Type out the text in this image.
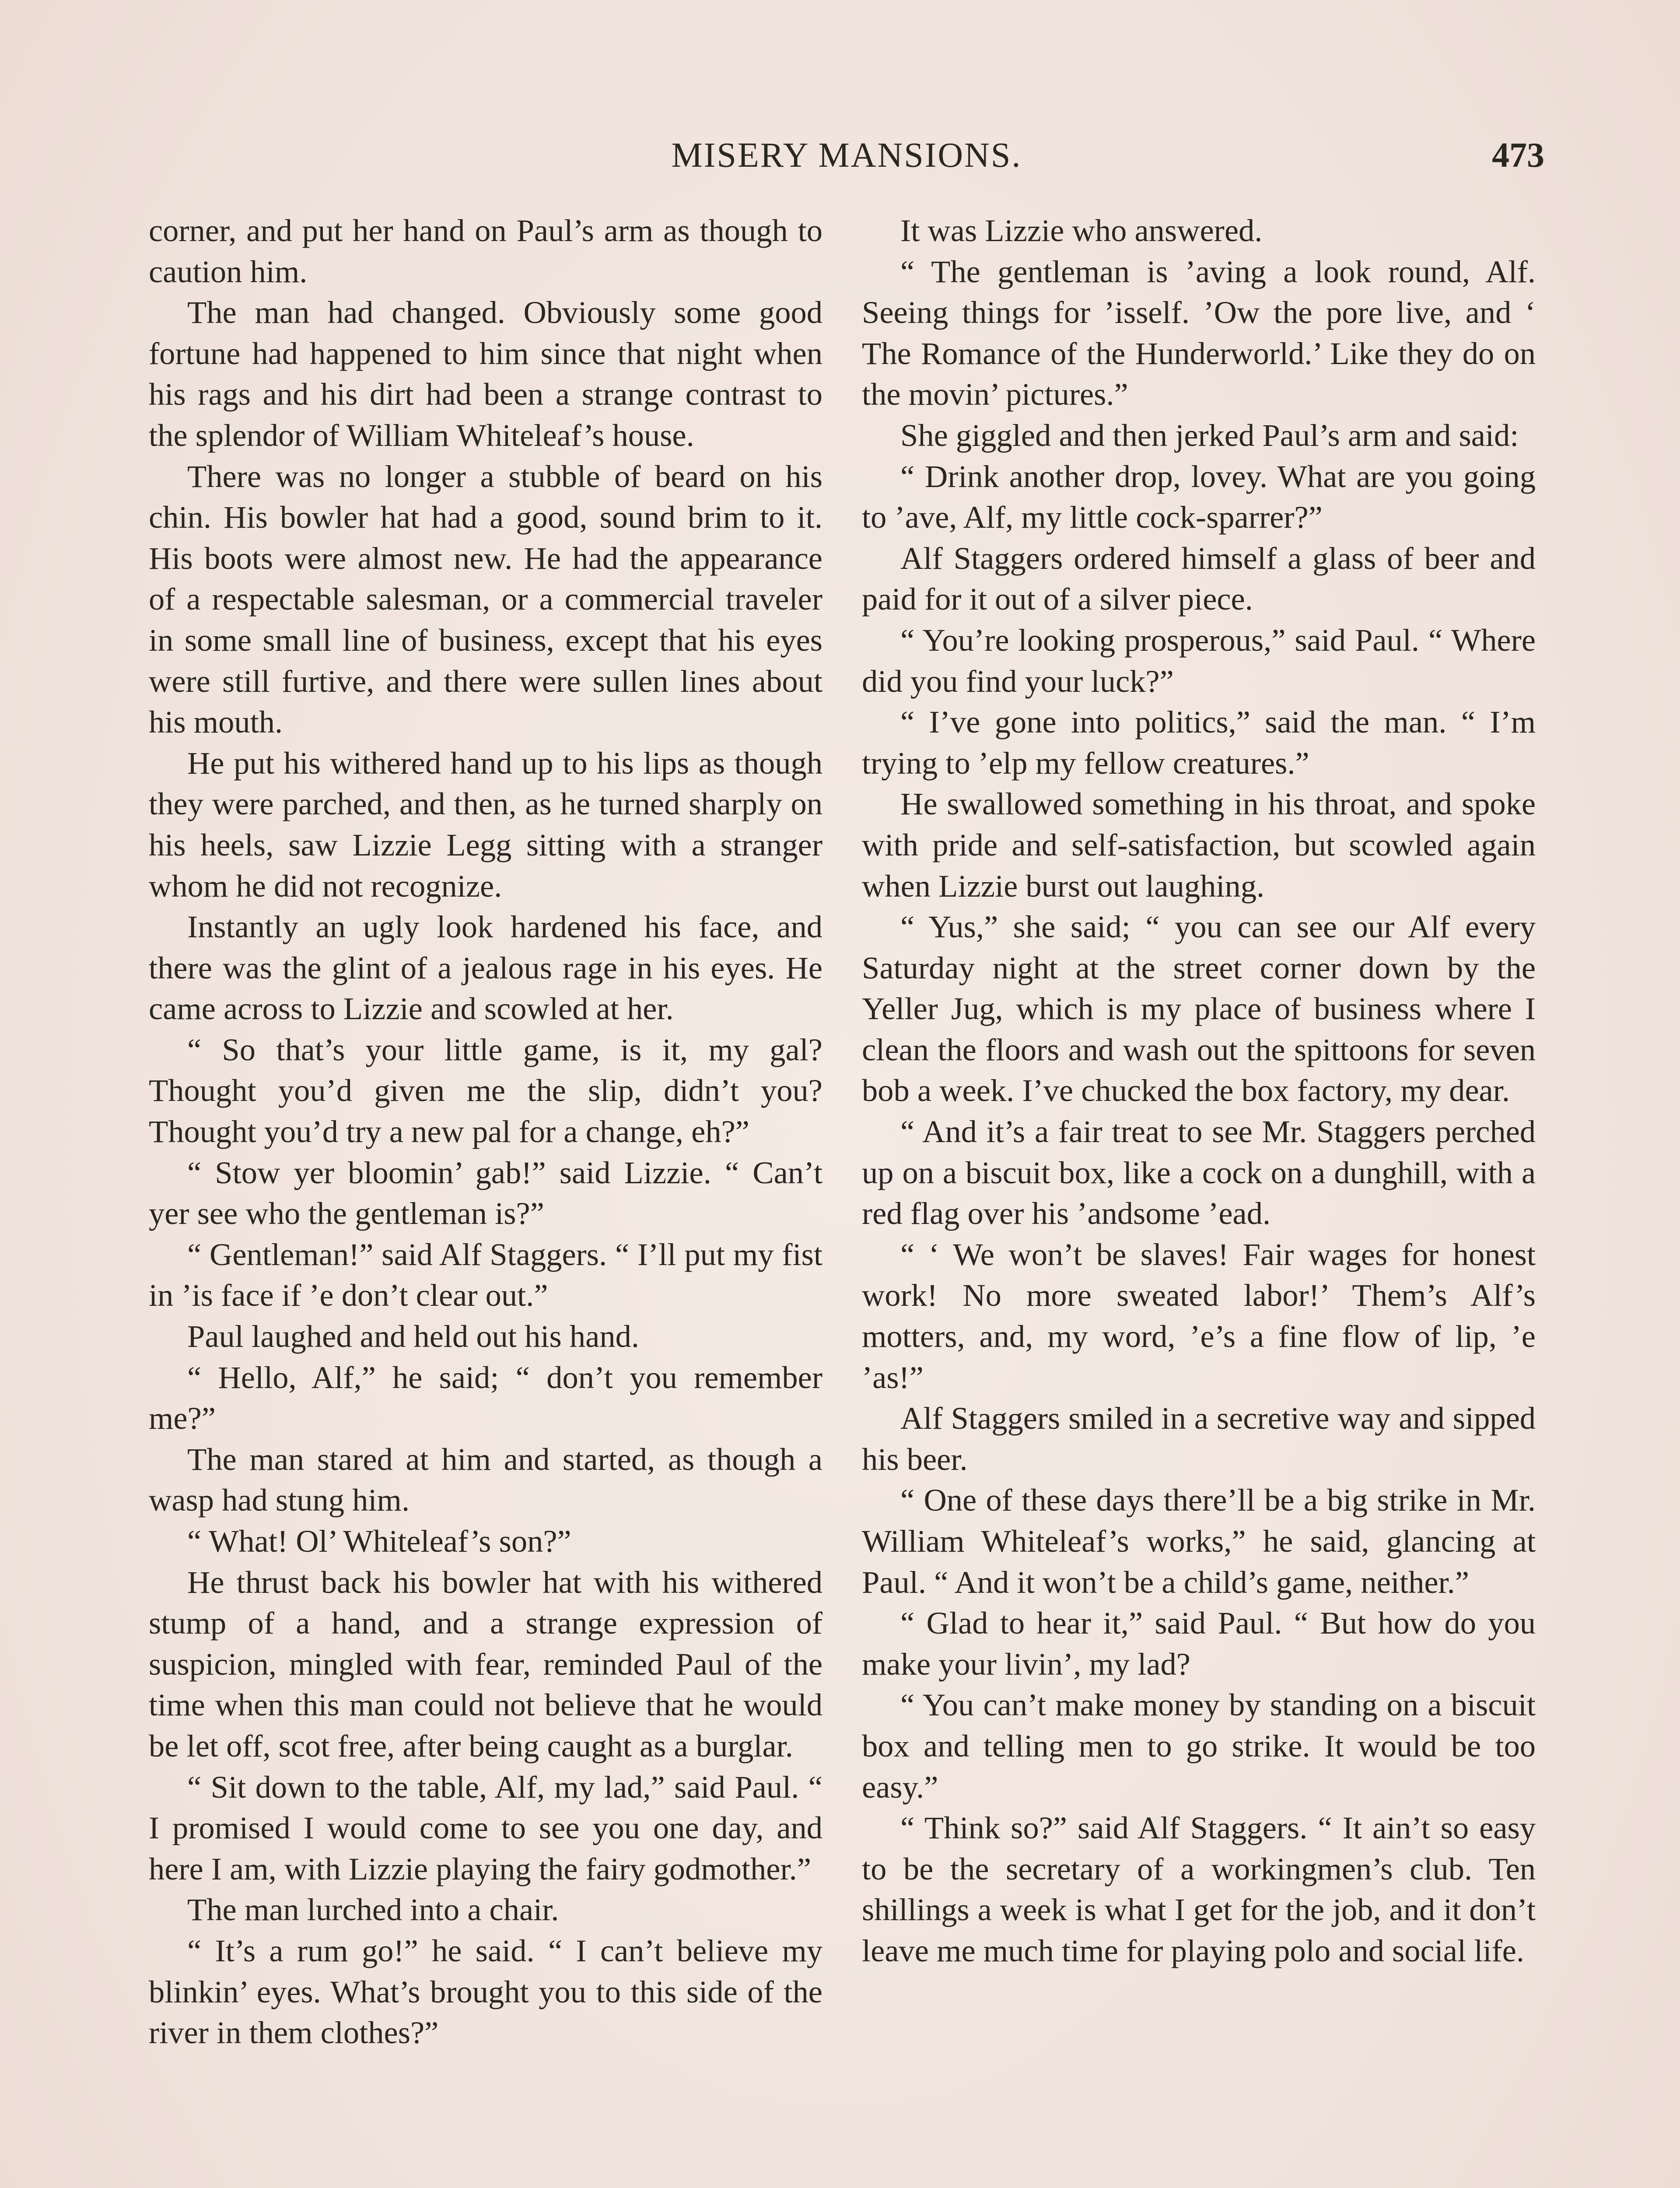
MISERY MANSIONS.	473

corner, and put her hand on Paul’s arm as though to caution him.

The man had changed. Obviously some good fortune had happened to him since that night when his rags and his dirt had been a strange contrast to the splendor of William Whiteleaf’s house.

There was no longer a stubble of beard on his chin. His bowler hat had a good, sound brim to it. His boots were almost new. He had the appearance of a respectable salesman, or a commercial traveler in some small line of business, except that his eyes were still furtive, and there were sullen lines about his mouth.

He put his withered hand up to his lips as though they were parched, and then, as he turned sharply on his heels, saw Lizzie Legg sitting with a stranger whom he did not recognize.

Instantly an ugly look hardened his face, and there was the glint of a jealous rage in his eyes. He came across to Lizzie and scowled at her.

“ So that’s your little game, is it, my gal? Thought you’d given me the slip, didn’t you? Thought you’d try a new pal for a change, eh?”

“ Stow yer bloomin’ gab!” said Lizzie. “ Can’t yer see who the gentleman is?”

“ Gentleman!” said Alf Staggers. “ I’ll put my fist in ’is face if ’e don’t clear out.”

Paul laughed and held out his hand.

“ Hello, Alf,” he said; “ don’t you remember me?”

The man stared at him and started, as though a wasp had stung him.

“ What! Ol’ Whiteleaf’s son?”

He thrust back his bowler hat with his withered stump of a hand, and a strange expression of suspicion, mingled with fear, reminded Paul of the time when this man could not believe that he would be let off, scot free, after being caught as a burglar.

“ Sit down to the table, Alf, my lad,” said Paul. “ I promised I would come to see you one day, and here I am, with Lizzie playing the fairy godmother.”

The man lurched into a chair.

“ It’s a rum go!” he said. “ I can’t believe my blinkin’ eyes. What’s brought you to this side of the river in them clothes?”

It was Lizzie who answered.

“ The gentleman is ’aving a look round, Alf. Seeing things for ’isself. ’Ow the pore live, and ‘ The Romance of the Hunderworld.’ Like they do on the movin’ pictures.”

She giggled and then jerked Paul’s arm and said:

“ Drink another drop, lovey. What are you going to ’ave, Alf, my little cock-sparrer?”

Alf Staggers ordered himself a glass of beer and paid for it out of a silver piece.

“ You’re looking prosperous,” said Paul. “ Where did you find your luck?”

“ I’ve gone into politics,” said the man. “ I’m trying to ’elp my fellow creatures.”

He swallowed something in his throat, and spoke with pride and self-satisfaction, but scowled again when Lizzie burst out laughing.

“ Yus,” she said; “ you can see our Alf every Saturday night at the street corner down by the Yeller Jug, which is my place of business where I clean the floors and wash out the spittoons for seven bob a week. I’ve chucked the box factory, my dear.

“ And it’s a fair treat to see Mr. Staggers perched up on a biscuit box, like a cock on a dunghill, with a red flag over his ’andsome ’ead.

“ ‘ We won’t be slaves! Fair wages for honest work! No more sweated labor!’ Them’s Alf’s motters, and, my word, ’e’s a fine flow of lip, ’e ’as!”

Alf Staggers smiled in a secretive way and sipped his beer.

“ One of these days there’ll be a big strike in Mr. William Whiteleaf’s works,” he said, glancing at Paul. “ And it won’t be a child’s game, neither.”

“ Glad to hear it,” said Paul. “ But how do you make your livin’, my lad?

“ You can’t make money by standing on a biscuit box and telling men to go strike. It would be too easy.”

“ Think so?” said Alf Staggers. “ It ain’t so easy to be the secretary of a workingmen’s club. Ten shillings a week is what I get for the job, and it don’t leave me much time for playing polo and social life.
